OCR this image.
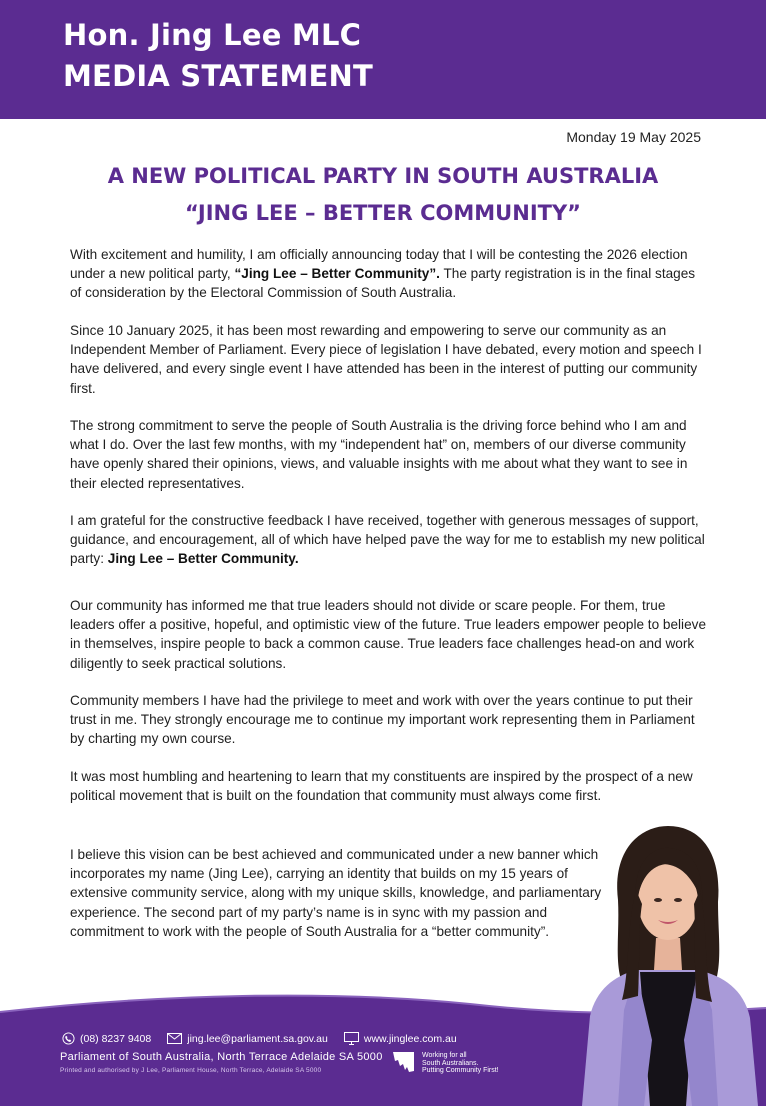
Hon. Jing Lee MLC
MEDIA STATEMENT
Monday 19 May 2025
A NEW POLITICAL PARTY IN SOUTH AUSTRALIA
“JING LEE – BETTER COMMUNITY”

With excitement and humility, I am officially announcing today that I will be contesting the 2026 election under a new political party, “Jing Lee – Better Community”. The party registration is in the final stages of consideration by the Electoral Commission of South Australia.

Since 10 January 2025, it has been most rewarding and empowering to serve our community as an Independent Member of Parliament. Every piece of legislation I have debated, every motion and speech I have delivered, and every single event I have attended has been in the interest of putting our community first.

The strong commitment to serve the people of South Australia is the driving force behind who I am and what I do. Over the last few months, with my “independent hat” on, members of our diverse community have openly shared their opinions, views, and valuable insights with me about what they want to see in their elected representatives.

I am grateful for the constructive feedback I have received, together with generous messages of support, guidance, and encouragement, all of which have helped pave the way for me to establish my new political party: Jing Lee – Better Community.

Our community has informed me that true leaders should not divide or scare people. For them, true leaders offer a positive, hopeful, and optimistic view of the future. True leaders empower people to believe in themselves, inspire people to back a common cause. True leaders face challenges head-on and work diligently to seek practical solutions.

Community members I have had the privilege to meet and work with over the years continue to put their trust in me. They strongly encourage me to continue my important work representing them in Parliament by charting my own course.

It was most humbling and heartening to learn that my constituents are inspired by the prospect of a new political movement that is built on the foundation that community must always come first.

I believe this vision can be best achieved and communicated under a new banner which incorporates my name (Jing Lee), carrying an identity that builds on my 15 years of extensive community service, along with my unique skills, knowledge, and parliamentary experience. The second part of my party’s name is in sync with my passion and commitment to work with the people of South Australia for a “better community”.

(08) 8237 9408	jing.lee@parliament.sa.gov.au	www.jinglee.com.au
Parliament of South Australia, North Terrace Adelaide SA 5000
Printed and authorised by J Lee, Parliament House, North Terrace, Adelaide SA 5000
Working for all
South Australians.
Putting Community First!
